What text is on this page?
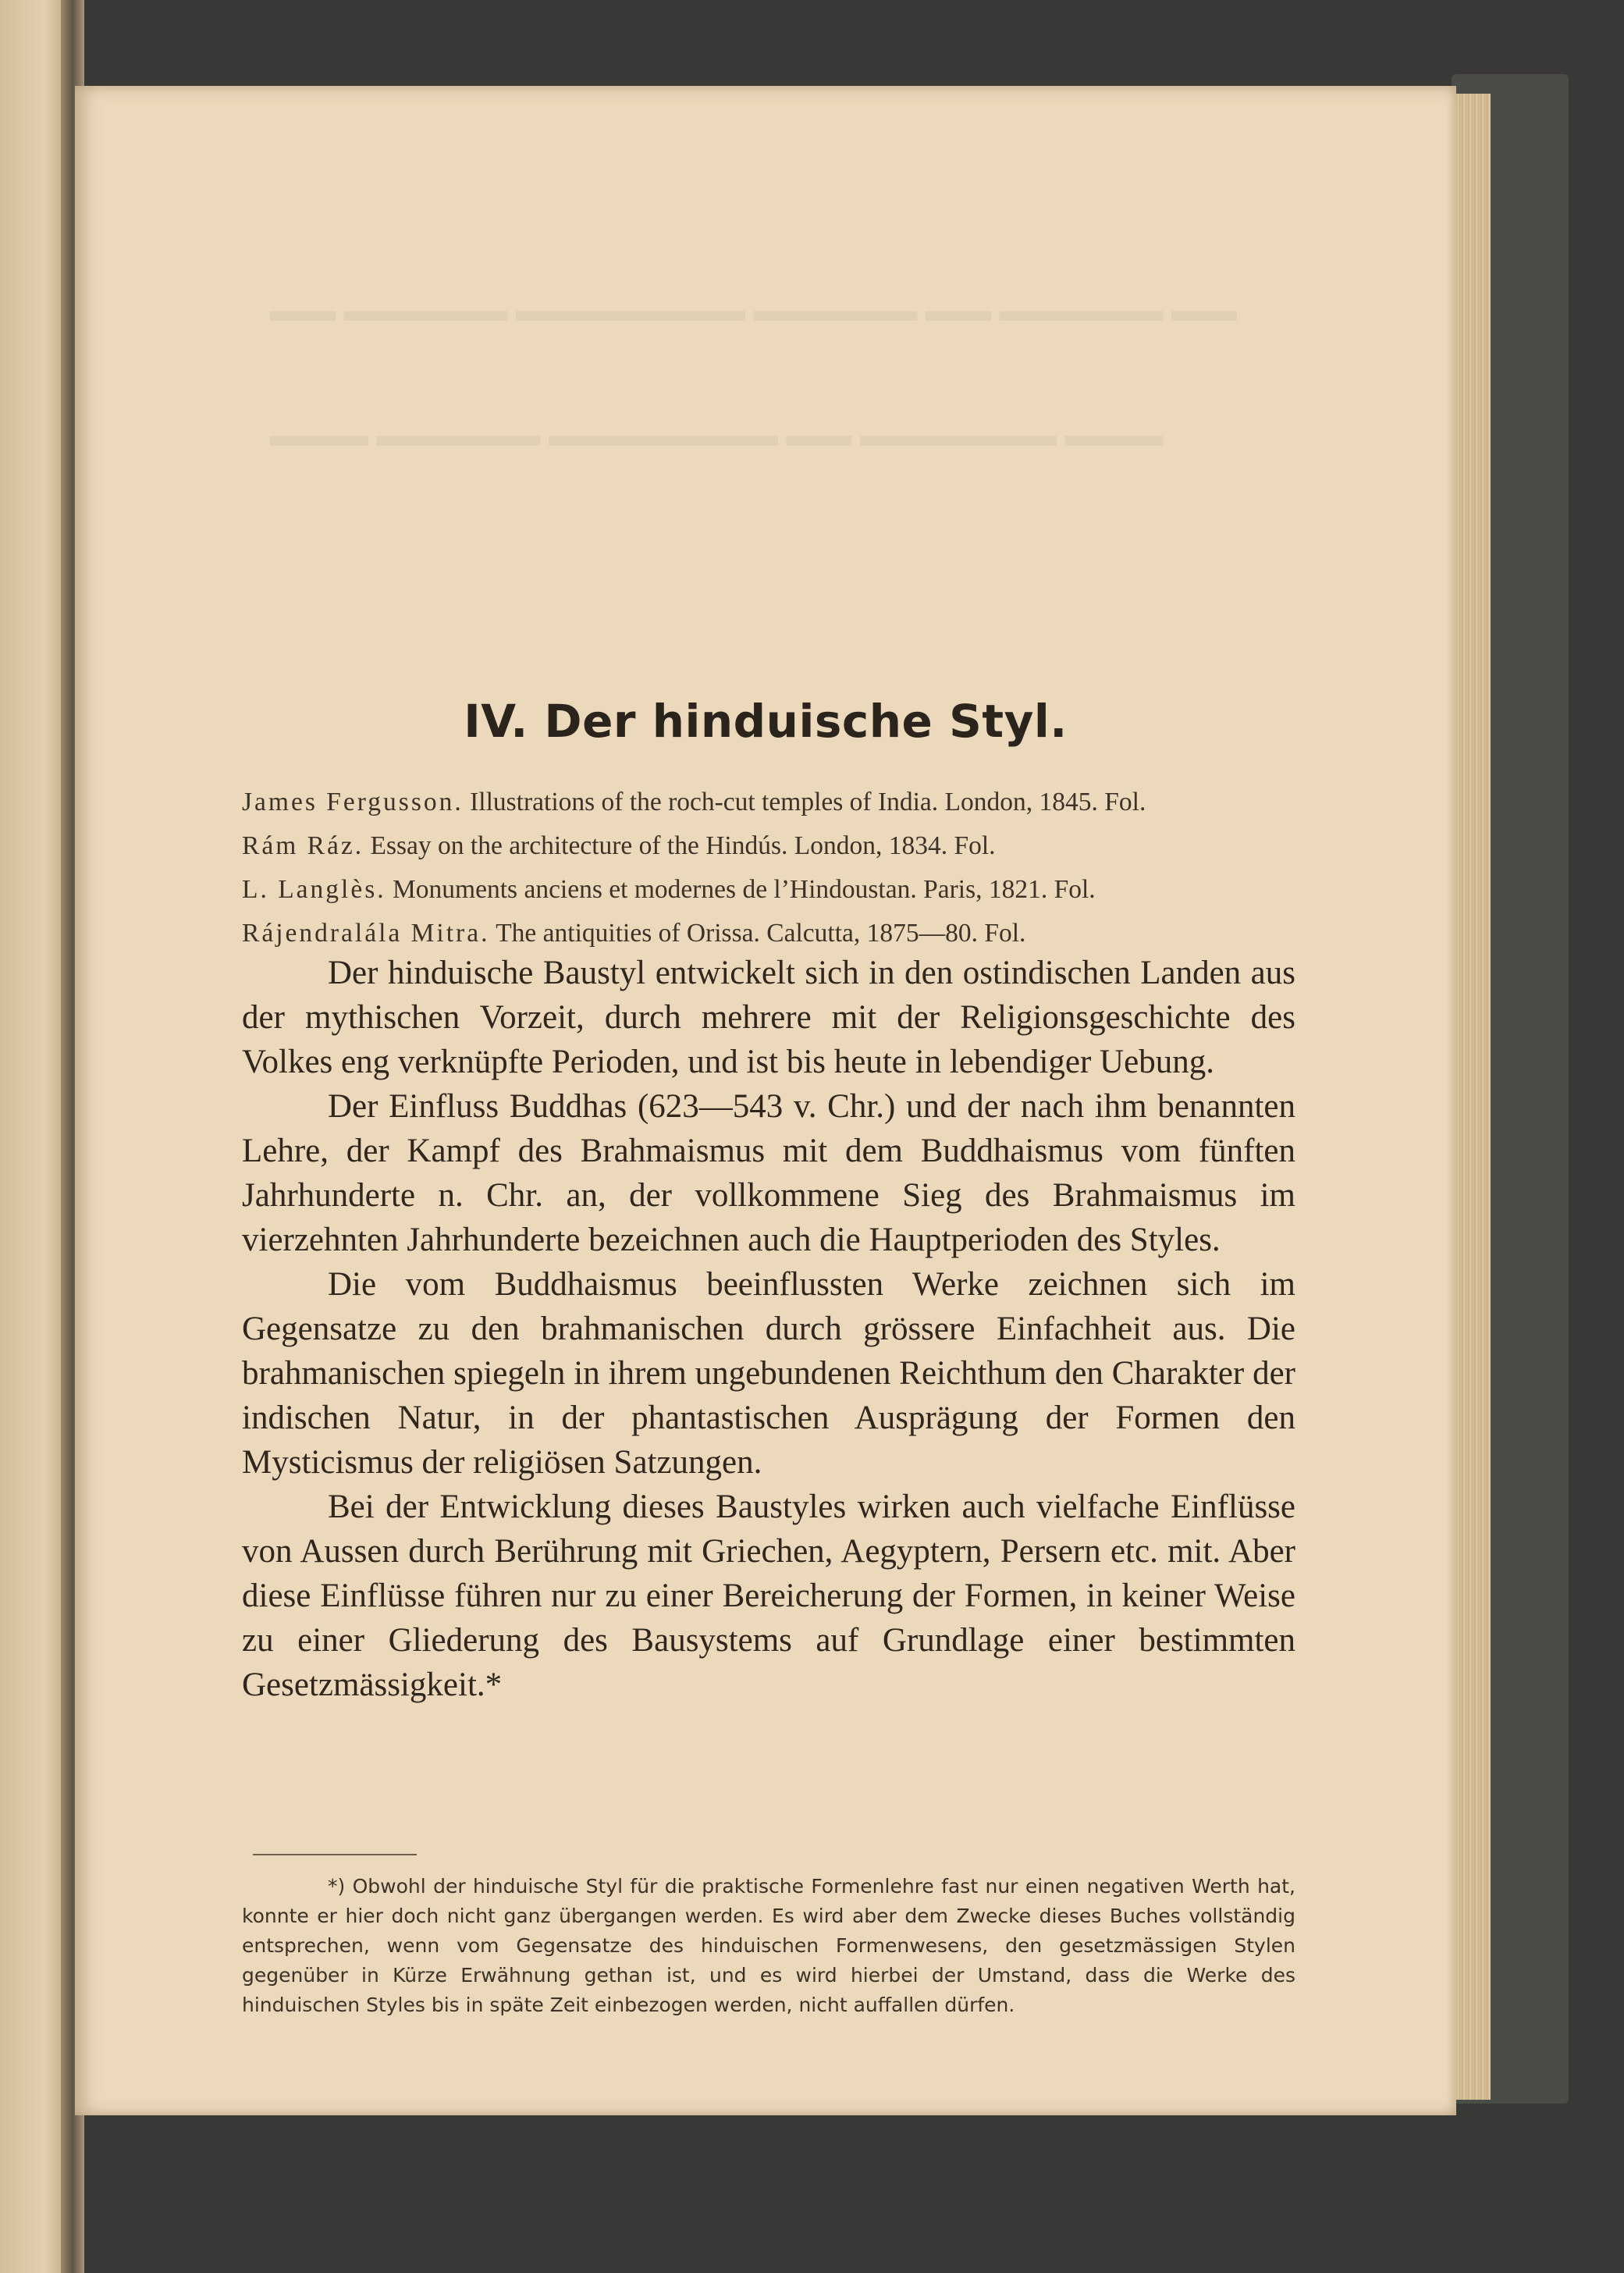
▬▬ ▬▬▬▬▬ ▬▬▬▬▬▬▬ ▬▬▬▬▬ ▬▬ ▬▬▬▬▬ ▬▬
▬▬▬ ▬▬▬▬▬ ▬▬▬▬▬▬▬ ▬▬ ▬▬▬▬▬▬ ▬▬▬
IV. Der hinduische Styl.

James Fergusson. Illustrations of the roch-cut temples of India. London, 1845. Fol.

Rám Ráz. Essay on the architecture of the Hindús. London, 1834. Fol.

L. Langlès. Monuments anciens et modernes de l’Hindoustan. Paris, 1821. Fol.

Rájendralála Mitra. The antiquities of Orissa. Calcutta, 1875—80. Fol.

Der hinduische Baustyl entwickelt sich in den ostindischen Landen aus der mythischen Vorzeit, durch mehrere mit der Religionsgeschichte des Volkes eng verknüpfte Perioden, und ist bis heute in lebendiger Uebung.

Der Einfluss Buddhas (623—543 v. Chr.) und der nach ihm benannten Lehre, der Kampf des Brahmaismus mit dem Buddhaismus vom fünften Jahrhunderte n. Chr. an, der vollkommene Sieg des Brahmaismus im vierzehnten Jahrhunderte bezeichnen auch die Hauptperioden des Styles.

Die vom Buddhaismus beeinflussten Werke zeichnen sich im Gegensatze zu den brahmanischen durch grössere Einfachheit aus. Die brahmanischen spiegeln in ihrem ungebundenen Reichthum den Charakter der indischen Natur, in der phantastischen Ausprägung der Formen den Mysticismus der religiösen Satzungen.

Bei der Entwicklung dieses Baustyles wirken auch vielfache Einflüsse von Aussen durch Berührung mit Griechen, Aegyptern, Persern etc. mit. Aber diese Einflüsse führen nur zu einer Bereicherung der Formen, in keiner Weise zu einer Gliederung des Bausystems auf Grundlage einer bestimmten Gesetzmässigkeit.*

*) Obwohl der hinduische Styl für die praktische Formenlehre fast nur einen negativen Werth hat, konnte er hier doch nicht ganz übergangen werden. Es wird aber dem Zwecke dieses Buches vollständig entsprechen, wenn vom Gegensatze des hinduischen Formenwesens, den gesetzmässigen Stylen gegenüber in Kürze Erwähnung gethan ist, und es wird hierbei der Umstand, dass die Werke des hinduischen Styles bis in späte Zeit einbezogen werden, nicht auffallen dürfen.
